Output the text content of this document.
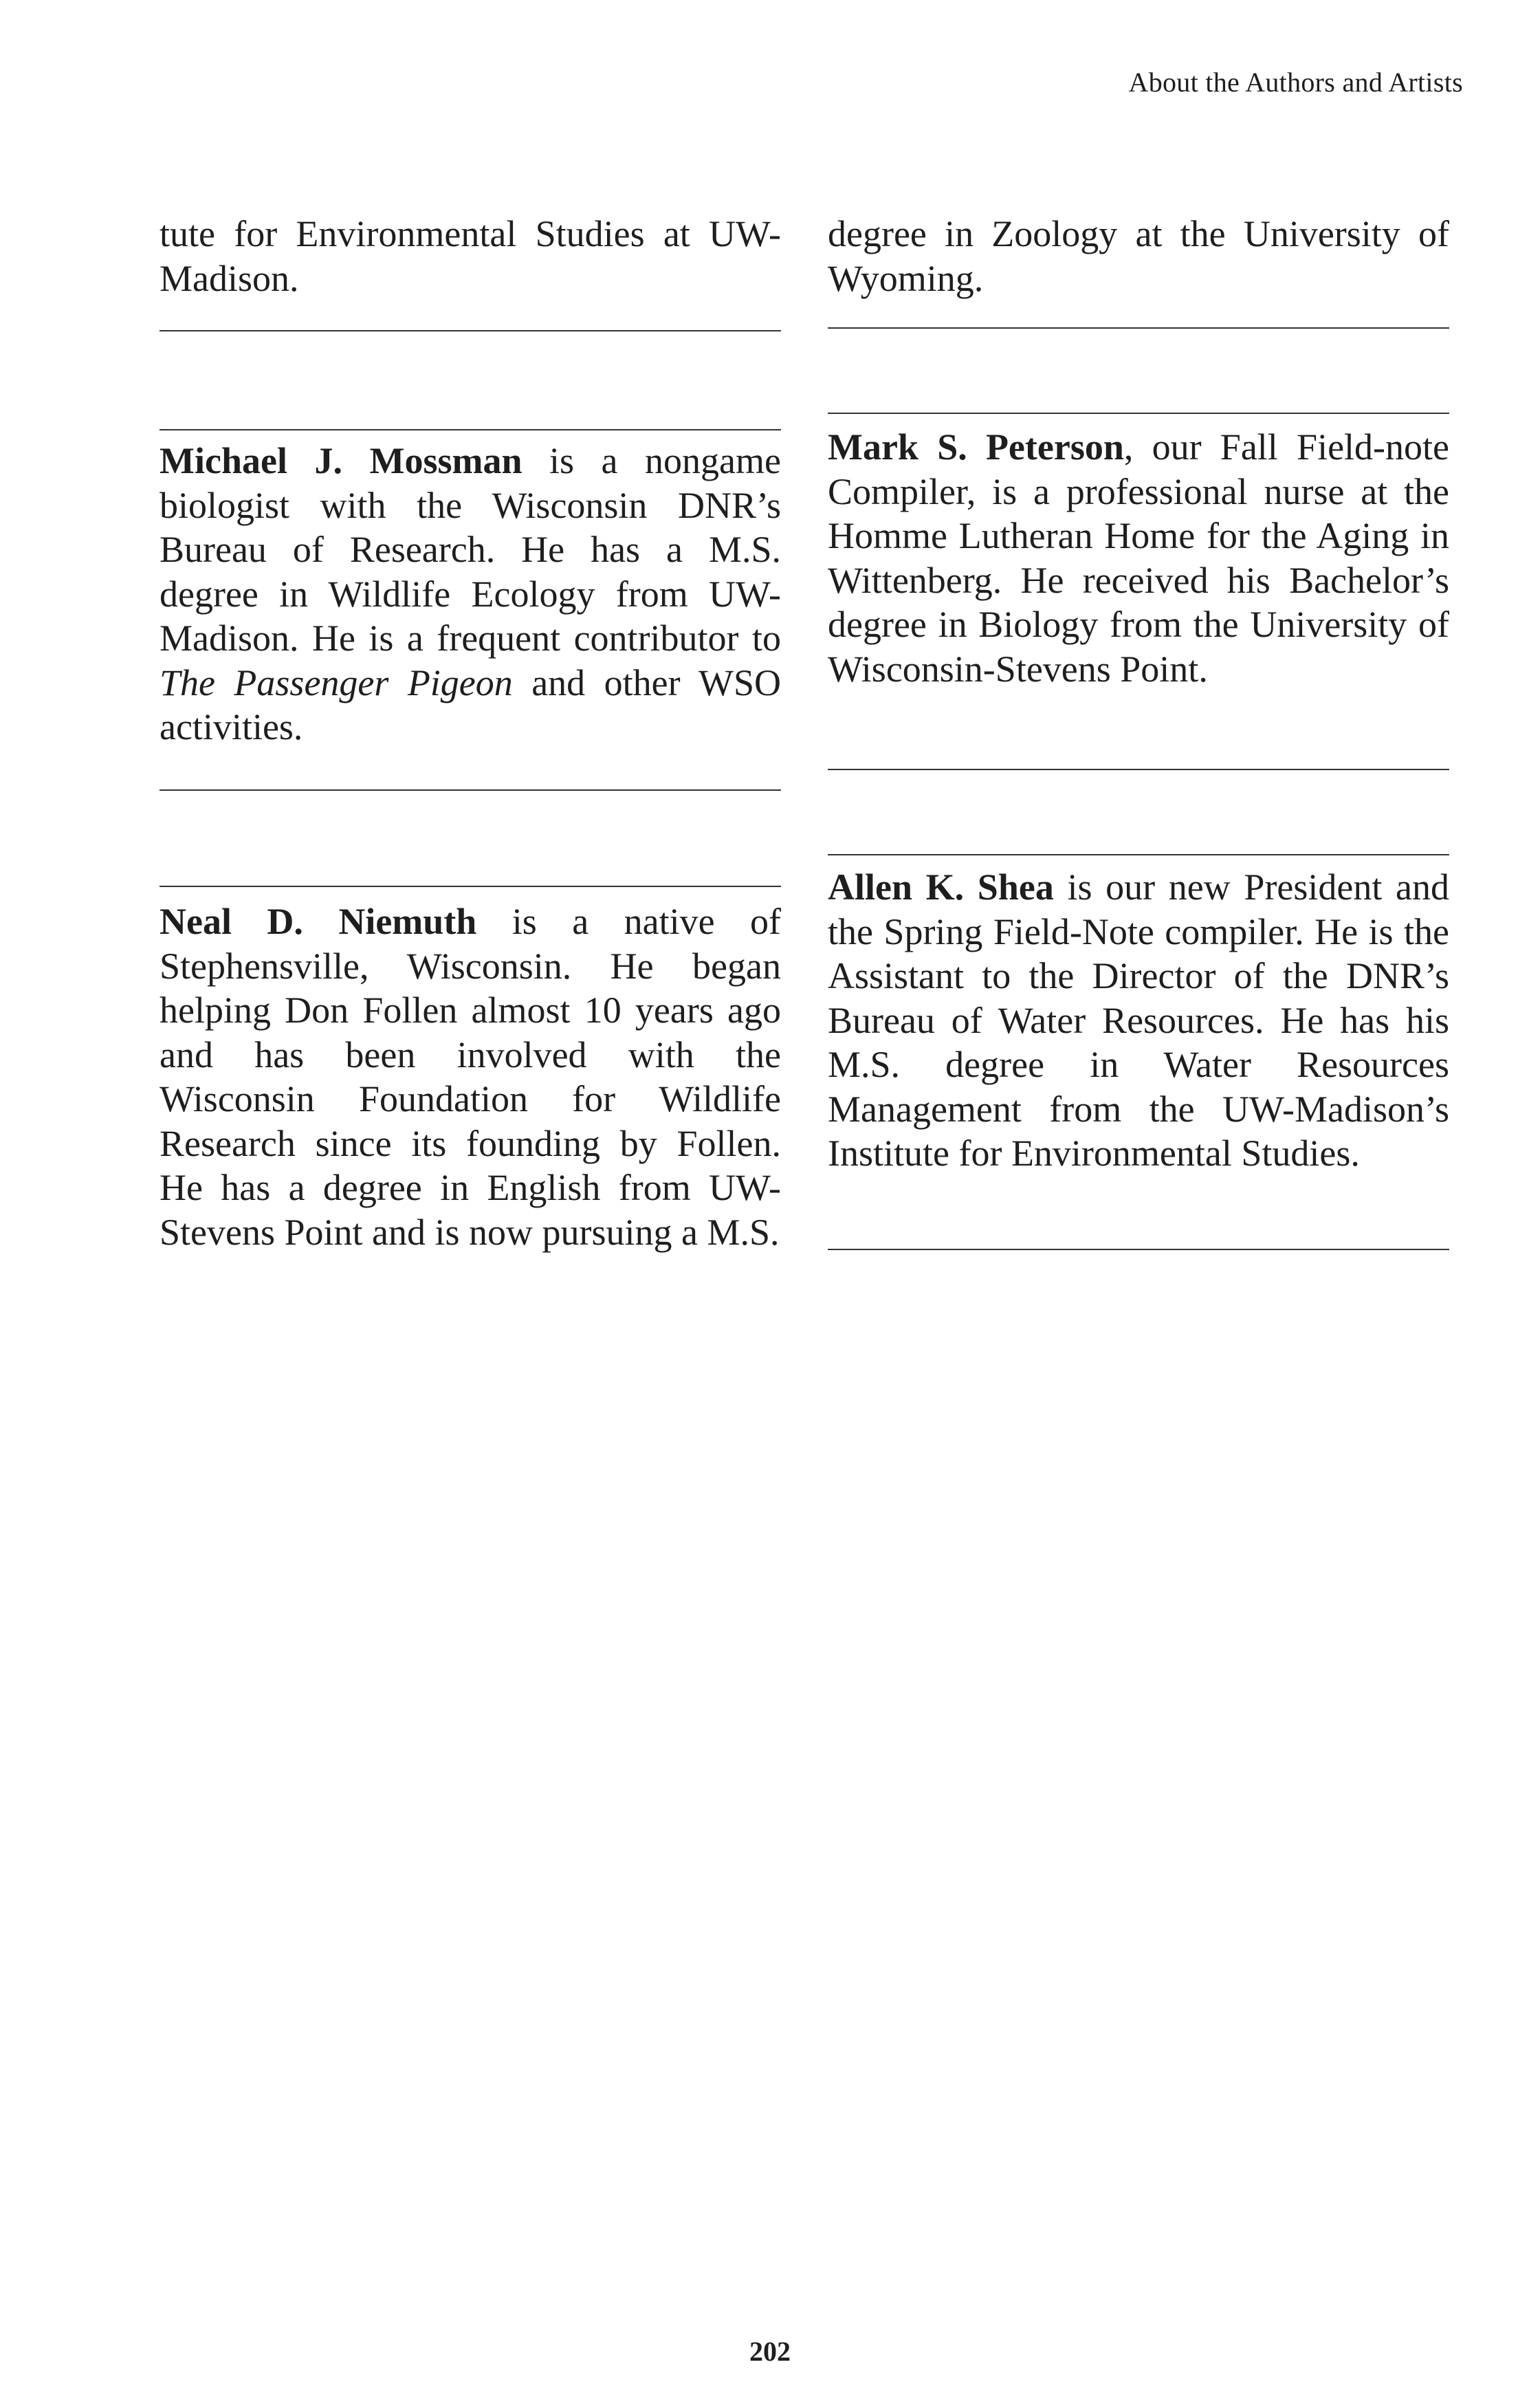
About the Authors and Artists

tute for Environmental Studies at UW-Madison.

Michael J. Mossman is a nongame biologist with the Wisconsin DNR’s Bureau of Research. He has a M.S. degree in Wildlife Ecology from UW-Madison. He is a frequent contributor to The Passenger Pigeon and other WSO activities.

Neal D. Niemuth is a native of Stephensville, Wisconsin. He began helping Don Follen almost 10 years ago and has been involved with the Wisconsin Foundation for Wildlife Research since its founding by Follen. He has a degree in English from UW-Stevens Point and is now pursuing a M.S.

degree in Zoology at the University of Wyoming.

Mark S. Peterson, our Fall Field-note Compiler, is a professional nurse at the Homme Lutheran Home for the Aging in Wittenberg. He received his Bachelor’s degree in Biology from the University of Wisconsin-Stevens Point.

Allen K. Shea is our new President and the Spring Field-Note compiler. He is the Assistant to the Director of the DNR’s Bureau of Water Resources. He has his M.S. degree in Water Resources Management from the UW-Madison’s Institute for Environmental Studies.

202
